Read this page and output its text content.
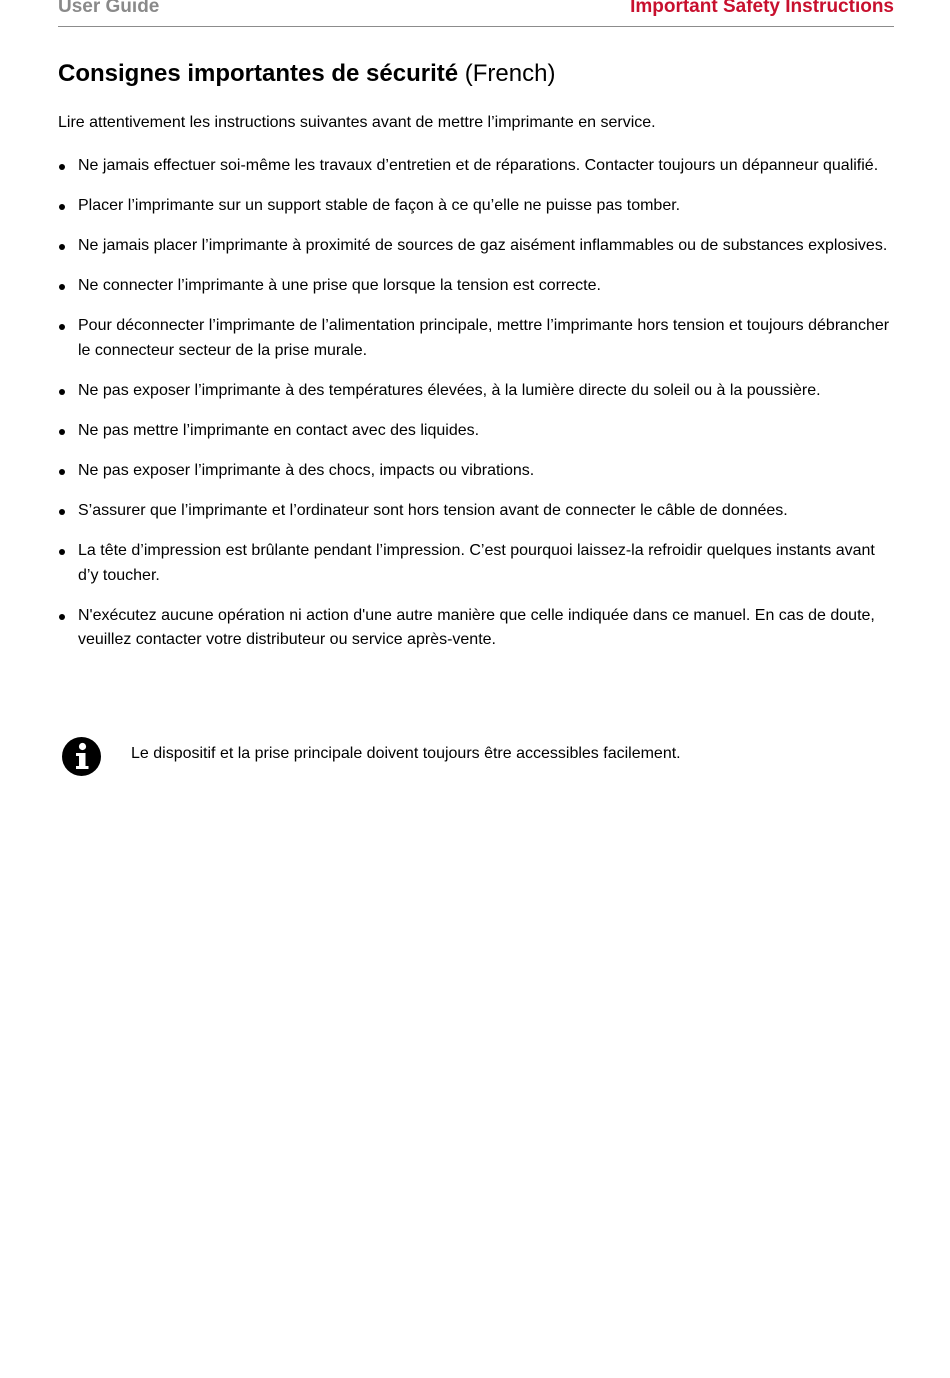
User Guide	Important Safety Instructions
Consignes importantes de sécurité (French)

Lire attentivement les instructions suivantes avant de mettre l’imprimante en service.

Ne jamais effectuer soi-même les travaux d’entretien et de réparations. Contacter toujours un dépanneur qualifié.
Placer l’imprimante sur un support stable de façon à ce qu’elle ne puisse pas tomber.
Ne jamais placer l’imprimante à proximité de sources de gaz aisément inflammables ou de substances explosives.
Ne connecter l’imprimante à une prise que lorsque la tension est correcte.
Pour déconnecter l’imprimante de l’alimentation principale, mettre l’imprimante hors tension et toujours débrancher le connecteur secteur de la prise murale.
Ne pas exposer l’imprimante à des températures élevées, à la lumière directe du soleil ou à la poussière.
Ne pas mettre l’imprimante en contact avec des liquides.
Ne pas exposer l’imprimante à des chocs, impacts ou vibrations.
S’assurer que l’imprimante et l’ordinateur sont hors tension avant de connecter le câble de données.
La tête d’impression est brûlante pendant l’impression. C’est pourquoi laissez-la refroidir quelques instants avant d’y toucher.
N'exécutez aucune opération ni action d'une autre manière que celle indiquée dans ce manuel. En cas de doute, veuillez contacter votre distributeur ou service après-vente.
Le dispositif et la prise principale doivent toujours être accessibles facilement.
